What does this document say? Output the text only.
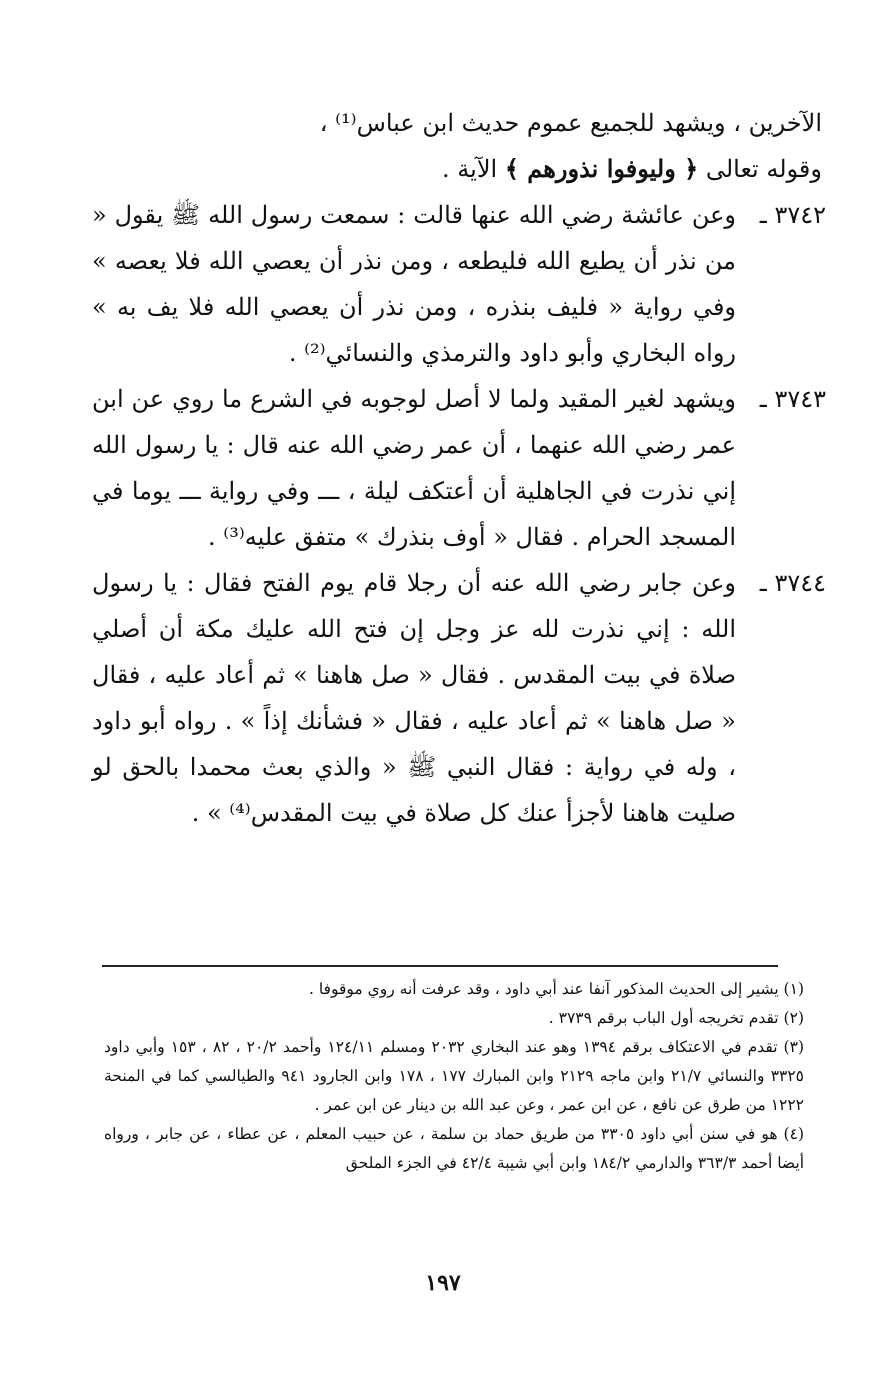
الآخرين ، ويشهد للجميع عموم حديث ابن عباس⁽¹⁾ ،
وقوله تعالى ﴿ وليوفوا نذورهم ﴾ الآية .

٣٧٤٢ ـ
وعن عائشة رضي الله عنها قالت : سمعت رسول الله ﷺ يقول « من نذر أن يطيع الله فليطعه ، ومن نذر أن يعصي الله فلا يعصه » وفي رواية « فليف بنذره ، ومن نذر أن يعصي الله فلا يف به » رواه البخاري وأبو داود والترمذي والنسائي⁽²⁾ .
٣٧٤٣ ـ
ويشهد لغير المقيد ولما لا أصل لوجوبه في الشرع ما روي عن ابن عمر رضي الله عنهما ، أن عمر رضي الله عنه قال : يا رسول الله إني نذرت في الجاهلية أن أعتكف ليلة ، ـــ وفي رواية ـــ يوما في المسجد الحرام . فقال « أوف بنذرك » متفق عليه⁽³⁾ .
٣٧٤٤ ـ
وعن جابر رضي الله عنه أن رجلا قام يوم الفتح فقال : يا رسول الله : إني نذرت لله عز وجل إن فتح الله عليك مكة أن أصلي صلاة في بيت المقدس . فقال « صل هاهنا » ثم أعاد عليه ، فقال « صل هاهنا » ثم أعاد عليه ، فقال « فشأنك إذاً » . رواه أبو داود ، وله في رواية : فقال النبي ﷺ « والذي بعث محمدا بالحق لو صليت هاهنا لأجزأ عنك كل صلاة في بيت المقدس⁽⁴⁾ » .

(١) يشير إلى الحديث المذكور آنفا عند أبي داود ، وقد عرفت أنه روي موقوفا .

(٢) تقدم تخريجه أول الباب برقم ٣٧٣٩ .

(٣) تقدم في الاعتكاف برقم ١٣٩٤ وهو عند البخاري ٢٠٣٢ ومسلم ١٢٤/١١ وأحمد ٢٠/٢ ، ٨٢ ، ١٥٣ وأبي داود ٣٣٢٥ والنسائي ٢١/٧ وابن ماجه ٢١٢٩ وابن المبارك ١٧٧ ، ١٧٨ وابن الجارود ٩٤١ والطيالسي كما في المنحة ١٢٢٢ من طرق عن نافع ، عن ابن عمر ، وعن عبد الله بن دينار عن ابن عمر .

(٤) هو في سنن أبي داود ٣٣٠٥ من طريق حماد بن سلمة ، عن حبيب المعلم ، عن عطاء ، عن جابر ، ورواه أيضا أحمد ٣٦٣/٣ والدارمي ١٨٤/٢ وابن أبي شيبة ٤٢/٤ في الجزء الملحق

١٩٧
